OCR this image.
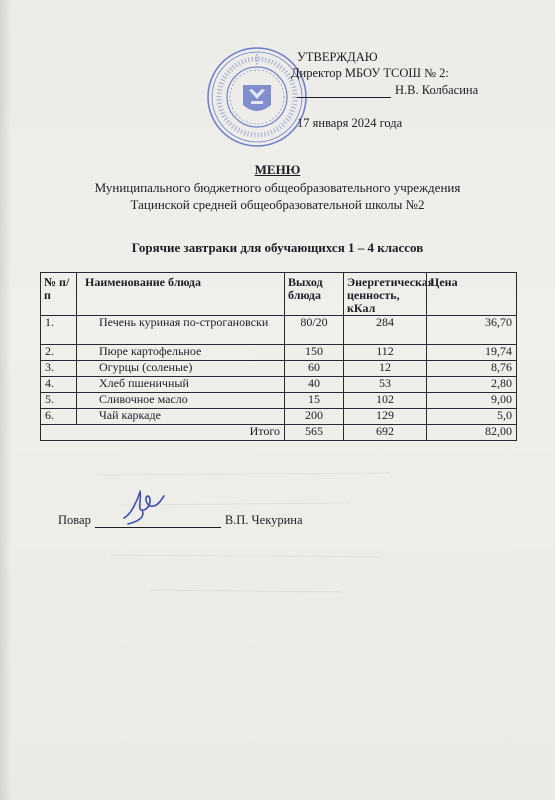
УТВЕРЖДАЮ
Директор МБОУ ТСОШ № 2:
Н.В. Колбасина
17 января 2024 года
МЕНЮ
Муниципального бюджетного общеобразовательного учреждения
Тацинской средней общеобразовательной школы №2
Горячие завтраки для обучающихся 1 – 4 классов
№ п/п	Наименование блюда	Выход блюда	Энергетическая ценность, кКал	Цена
1.	Печень куриная по-строгановски	80/20	284	36,70
2.	Пюре картофельное	150	112	19,74
3.	Огурцы (соленые)	60	12	8,76
4.	Хлеб пшеничный	40	53	2,80
5.	Сливочное масло	15	102	9,00
6.	Чай каркаде	200	129	5,0
Итого		565	692	82,00
Повар	В.П. Чекурина
